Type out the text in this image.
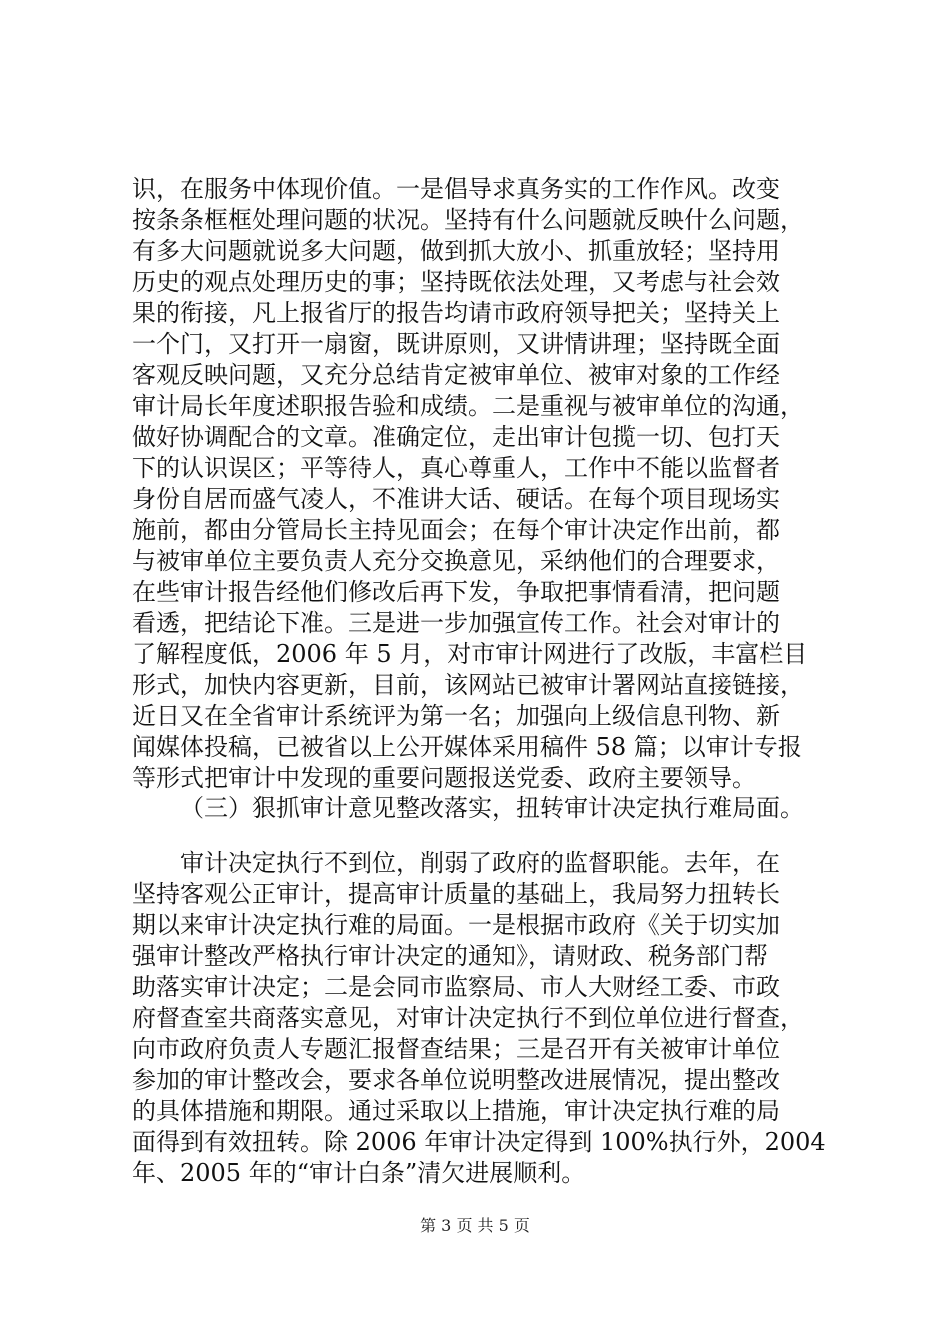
识，在服务中体现价值。一是倡导求真务实的工作作风。改变
按条条框框处理问题的状况。坚持有什么问题就反映什么问题，
有多大问题就说多大问题，做到抓大放小、抓重放轻；坚持用
历史的观点处理历史的事；坚持既依法处理，又考虑与社会效
果的衔接，凡上报省厅的报告均请市政府领导把关；坚持关上
一个门，又打开一扇窗，既讲原则，又讲情讲理；坚持既全面
客观反映问题，又充分总结肯定被审单位、被审对象的工作经
审计局长年度述职报告验和成绩。二是重视与被审单位的沟通，
做好协调配合的文章。准确定位，走出审计包揽一切、包打天
下的认识误区；平等待人，真心尊重人，工作中不能以监督者
身份自居而盛气凌人，不准讲大话、硬话。在每个项目现场实
施前，都由分管局长主持见面会；在每个审计决定作出前，都
与被审单位主要负责人充分交换意见，采纳他们的合理要求，
在些审计报告经他们修改后再下发，争取把事情看清，把问题
看透，把结论下准。三是进一步加强宣传工作。社会对审计的
了解程度低，2006 年 5 月，对市审计网进行了改版，丰富栏目
形式，加快内容更新，目前，该网站已被审计署网站直接链接，
近日又在全省审计系统评为第一名；加强向上级信息刊物、新
闻媒体投稿，已被省以上公开媒体采用稿件 58 篇；以审计专报
等形式把审计中发现的重要问题报送党委、政府主要领导。
（三）狠抓审计意见整改落实，扭转审计决定执行难局面。
审计决定执行不到位，削弱了政府的监督职能。去年，在
坚持客观公正审计，提高审计质量的基础上，我局努力扭转长
期以来审计决定执行难的局面。一是根据市政府《关于切实加
强审计整改严格执行审计决定的通知》，请财政、税务部门帮
助落实审计决定；二是会同市监察局、市人大财经工委、市政
府督查室共商落实意见，对审计决定执行不到位单位进行督查，
向市政府负责人专题汇报督查结果；三是召开有关被审计单位
参加的审计整改会，要求各单位说明整改进展情况，提出整改
的具体措施和期限。通过采取以上措施，审计决定执行难的局
面得到有效扭转。除 2006 年审计决定得到 100%执行外，2004
年、2005 年的“审计白条”清欠进展顺利。
第 3 页 共 5 页
